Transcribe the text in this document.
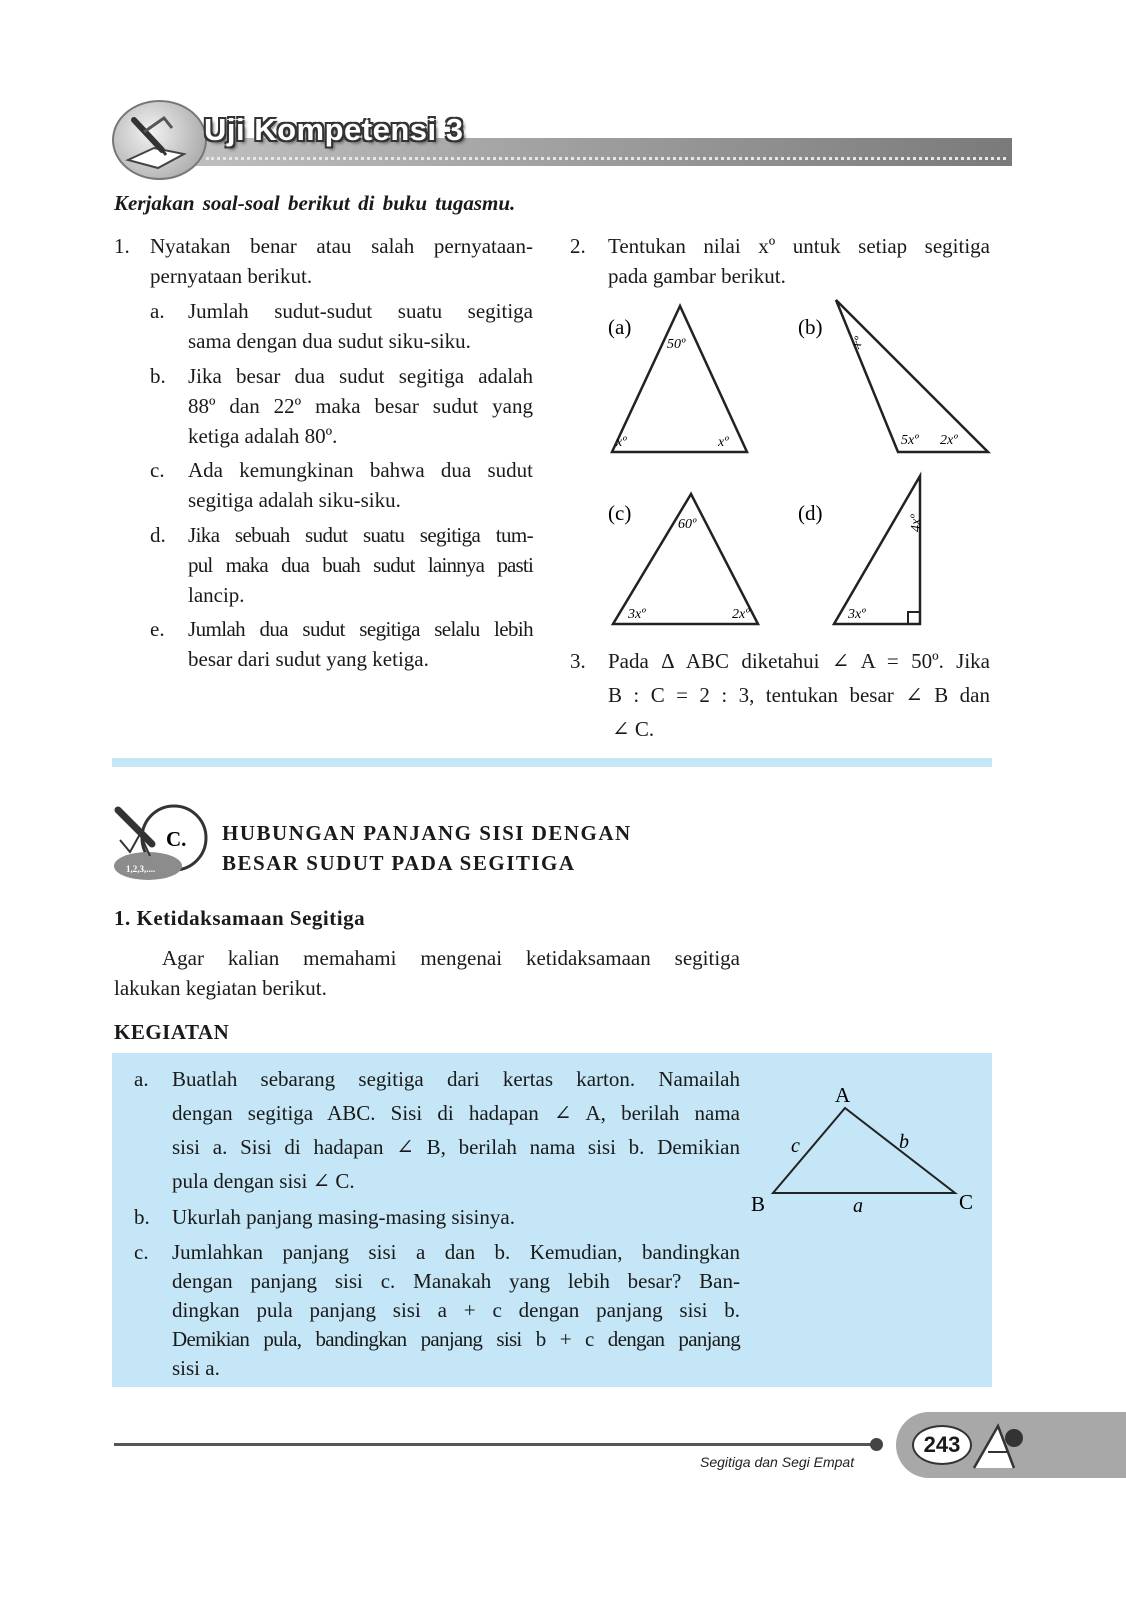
Uji Kompetensi 3
Kerjakan soal-soal berikut di buku tugasmu.
1. Nyatakan benar atau salah pernyataan-
pernyataan berikut.
a. Jumlah sudut-sudut suatu segitiga
sama dengan dua sudut siku-siku.
b. Jika besar dua sudut segitiga adalah
88º dan 22º maka besar sudut yang
ketiga adalah 80º.
c. Ada kemungkinan bahwa dua sudut
segitiga adalah siku-siku.
d. Jika sebuah sudut suatu segitiga tum-
pul maka dua buah sudut lainnya pasti
lancip.
e. Jumlah dua sudut segitiga selalu lebih
besar dari sudut yang ketiga.
2. Tentukan nilai xº untuk setiap segitiga
pada gambar berikut.
(a)
50º
xº	xº
(b)
xº
5xº 2xº
(c)	60º
3xº	2xº
(d)	4xº
3xº
3. Pada Δ ABC diketahui ∠ A = 50º. Jika
B : C = 2 : 3, tentukan besar ∠ B dan
∠ C.
1,2,3,....
C. HUBUNGAN PANJANG SISI DENGAN
BESAR SUDUT PADA SEGITIGA
1. Ketidaksamaan Segitiga
Agar kalian memahami mengenai ketidaksamaan segitiga
lakukan kegiatan berikut.
KEGIATAN
a. Buatlah sebarang segitiga dari kertas karton. Namailah
dengan segitiga ABC. Sisi di hadapan ∠ A, berilah nama
sisi a. Sisi di hadapan ∠ B, berilah nama sisi b. Demikian
pula dengan sisi ∠ C.
b. Ukurlah panjang masing-masing sisinya.
c. Jumlahkan panjang sisi a dan b. Kemudian, bandingkan
dengan panjang sisi c. Manakah yang lebih besar? Ban-
dingkan pula panjang sisi a + c dengan panjang sisi b.
Demikian pula, bandingkan panjang sisi b + c dengan panjang
sisi a.
A
B	C
a
b
c
Segitiga dan Segi Empat
243
